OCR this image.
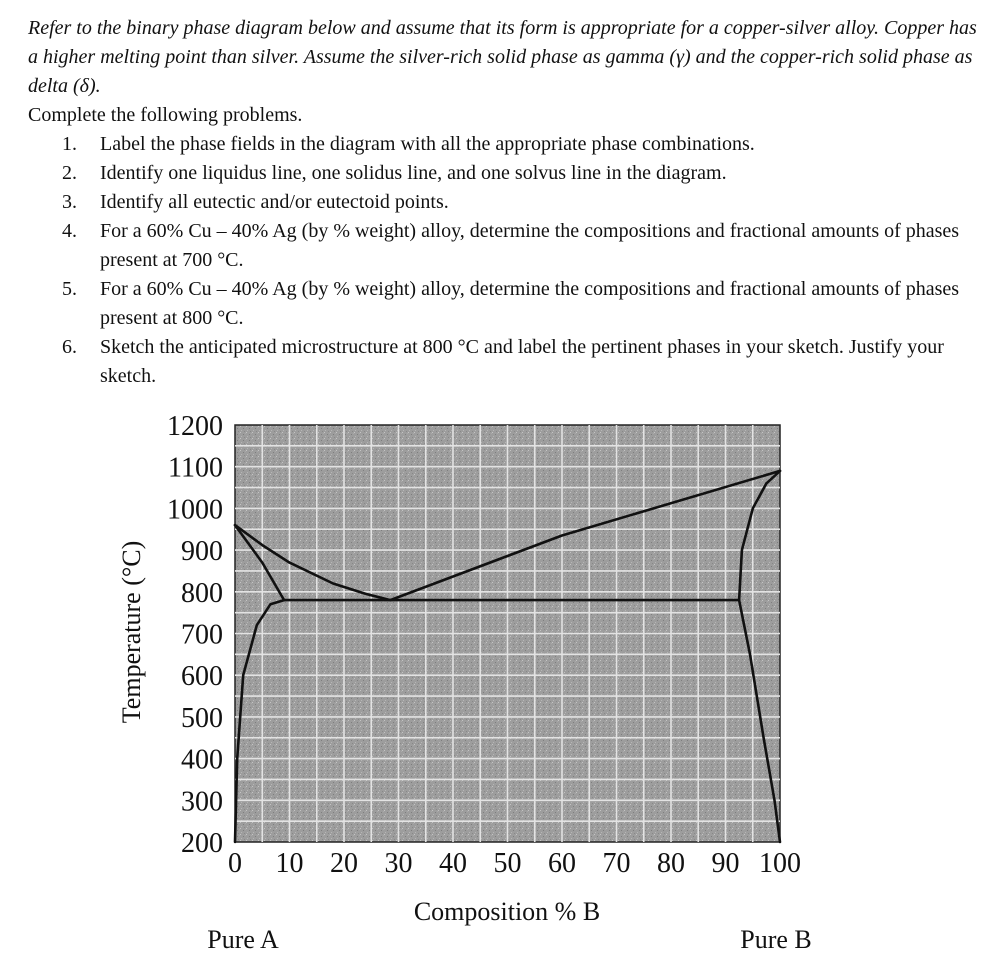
Refer to the binary phase diagram below and assume that its form is appropriate for a copper-silver alloy. Copper has a higher melting point than silver. Assume the silver-rich solid phase as gamma (γ) and the copper-rich solid phase as delta (δ).
Complete the following problems.
1. Label the phase fields in the diagram with all the appropriate phase combinations.
2. Identify one liquidus line, one solidus line, and one solvus line in the diagram.
3. Identify all eutectic and/or eutectoid points.
4. For a 60% Cu – 40% Ag (by % weight) alloy, determine the compositions and fractional amounts of phases present at 700 °C.
5. For a 60% Cu – 40% Ag (by % weight) alloy, determine the compositions and fractional amounts of phases present at 800 °C.
6. Sketch the anticipated microstructure at 800 °C and label the pertinent phases in your sketch. Justify your sketch.
1200
1100
1000
900
800
700
600
500
400
300
200
0 10 20 30 40 50 60 70 80 90 100
Temperature (°C)
Composition % B
Pure A	Pure B
